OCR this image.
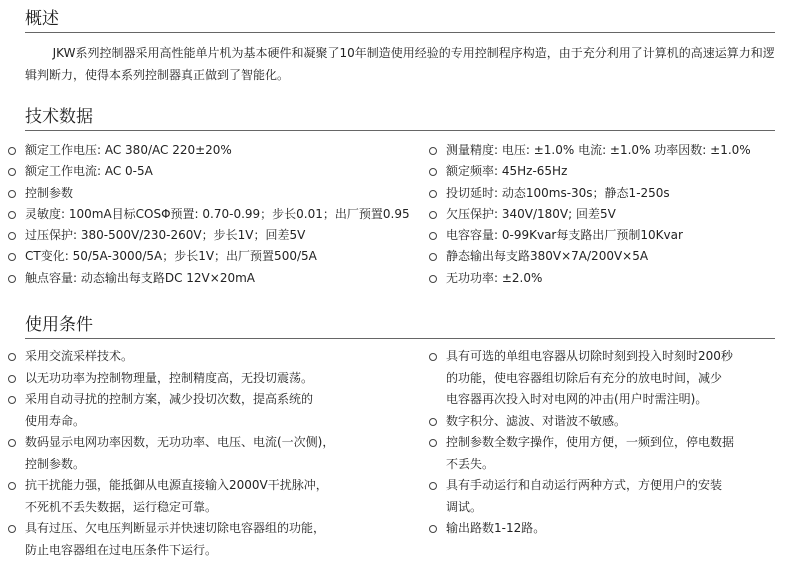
概述

JKW系列控制器采用高性能单片机为基本硬件和凝聚了10年制造使用经验的专用控制程序构造，由于充分利用了计算机的高速运算力和逻辑判断力，使得本系列控制器真正做到了智能化。

技术数据
额定工作电压: AC 380/AC 220±20%
额定工作电流: AC 0-5A
控制参数
灵敏度: 100mA目标COSΦ预置: 0.70-0.99；步长0.01；出厂预置0.95
过压保护: 380-500V/230-260V；步长1V；回差5V
CT变化: 50/5A-3000/5A；步长1V；出厂预置500/5A
触点容量: 动态输出每支路DC 12V×20mA
测量精度: 电压: ±1.0% 电流: ±1.0% 功率因数: ±1.0%
额定频率: 45Hz-65Hz
投切延时: 动态100ms-30s；静态1-250s
欠压保护: 340V/180V; 回差5V
电容容量: 0-99Kvar每支路出厂预制10Kvar
静态输出每支路380V×7A/200V×5A
无功功率: ±2.0%
使用条件
采用交流采样技术。
以无功功率为控制物理量，控制精度高，无投切震荡。
采用自动寻扰的控制方案，减少投切次数，提高系统的
使用寿命。
数码显示电网功率因数，无功功率、电压、电流(一次侧)，
控制参数。
抗干扰能力强，能抵御从电源直接输入2000V干扰脉冲，
不死机不丢失数据，运行稳定可靠。
具有过压、欠电压判断显示并快速切除电容器组的功能，
防止电容器组在过电压条件下运行。
具有可选的单组电容器从切除时刻到投入时刻时200秒
的功能，使电容器组切除后有充分的放电时间，减少
电容器再次投入时对电网的冲击(用户时需注明)。
数字积分、滤波、对谐波不敏感。
控制参数全数字操作，使用方便，一频到位，停电数据
不丢失。
具有手动运行和自动运行两种方式，方便用户的安装
调试。
输出路数1-12路。
